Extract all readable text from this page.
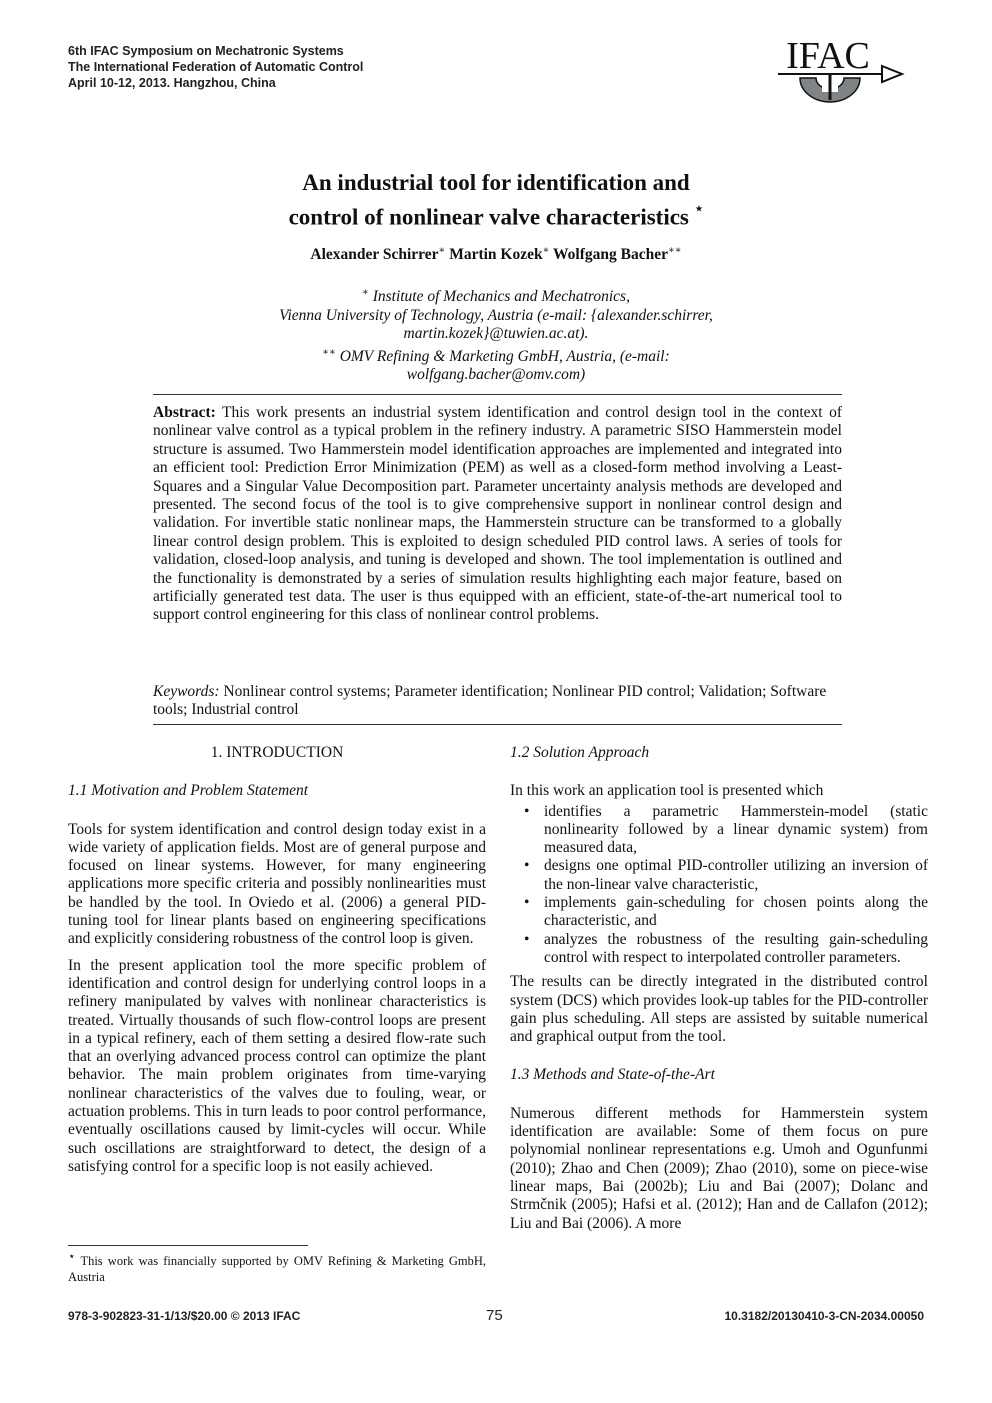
6th IFAC Symposium on Mechatronic Systems
The International Federation of Automatic Control
April 10-12, 2013. Hangzhou, China
IFAC
An industrial tool for identification and
control of nonlinear valve characteristics ⋆
Alexander Schirrer∗ Martin Kozek∗ Wolfgang Bacher∗∗
∗ Institute of Mechanics and Mechatronics,
Vienna University of Technology, Austria (e-mail: {alexander.schirrer,
martin.kozek}@tuwien.ac.at).
∗∗ OMV Refining & Marketing GmbH, Austria, (e-mail:
wolfgang.bacher@omv.com)
Abstract: This work presents an industrial system identification and control design tool in the context of nonlinear valve control as a typical problem in the refinery industry. A parametric SISO Hammerstein model structure is assumed. Two Hammerstein model identification approaches are implemented and integrated into an efficient tool: Prediction Error Minimization (PEM) as well as a closed-form method involving a Least-Squares and a Singular Value Decomposition part. Parameter uncertainty analysis methods are developed and presented. The second focus of the tool is to give comprehensive support in nonlinear control design and validation. For invertible static nonlinear maps, the Hammerstein structure can be transformed to a globally linear control design problem. This is exploited to design scheduled PID control laws. A series of tools for validation, closed-loop analysis, and tuning is developed and shown. The tool implementation is outlined and the functionality is demonstrated by a series of simulation results highlighting each major feature, based on artificially generated test data. The user is thus equipped with an efficient, state-of-the-art numerical tool to support control engineering for this class of nonlinear control problems.
Keywords: Nonlinear control systems; Parameter identification; Nonlinear PID control; Validation; Software tools; Industrial control
1. INTRODUCTION
1.1 Motivation and Problem Statement

Tools for system identification and control design today exist in a wide variety of application fields. Most are of general purpose and focused on linear systems. However, for many engineering applications more specific criteria and possibly nonlinearities must be handled by the tool. In Oviedo et al. (2006) a general PID-tuning tool for linear plants based on engineering specifications and explicitly considering robustness of the control loop is given.

In the present application tool the more specific problem of identification and control design for underlying control loops in a refinery manipulated by valves with nonlinear characteristics is treated. Virtually thousands of such flow-control loops are present in a typical refinery, each of them setting a desired flow-rate such that an overlying advanced process control can optimize the plant behavior. The main problem originates from time-varying nonlinear characteristics of the valves due to fouling, wear, or actuation problems. This in turn leads to poor control performance, eventually oscillations caused by limit-cycles will occur. While such oscillations are straightforward to detect, the design of a satisfying control for a specific loop is not easily achieved.

1.2 Solution Approach

In this work an application tool is presented which

• identifies a parametric Hammerstein-model (static nonlinearity followed by a linear dynamic system) from measured data,
• designs one optimal PID-controller utilizing an inversion of the non-linear valve characteristic,
• implements gain-scheduling for chosen points along the characteristic, and
• analyzes the robustness of the resulting gain-scheduling control with respect to interpolated controller parameters.

The results can be directly integrated in the distributed control system (DCS) which provides look-up tables for the PID-controller gain plus scheduling. All steps are assisted by suitable numerical and graphical output from the tool.

1.3 Methods and State-of-the-Art

Numerous different methods for Hammerstein system identification are available: Some of them focus on pure polynomial nonlinear representations e.g. Umoh and Ogunfunmi (2010); Zhao and Chen (2009); Zhao (2010), some on piece-wise linear maps, Bai (2002b); Liu and Bai (2007); Dolanc and Strmčnik (2005); Hafsi et al. (2012); Han and de Callafon (2012); Liu and Bai (2006). A more

⋆ This work was financially supported by OMV Refining & Marketing GmbH, Austria
978-3-902823-31-1/13/$20.00 © 2013 IFAC	75	10.3182/20130410-3-CN-2034.00050
